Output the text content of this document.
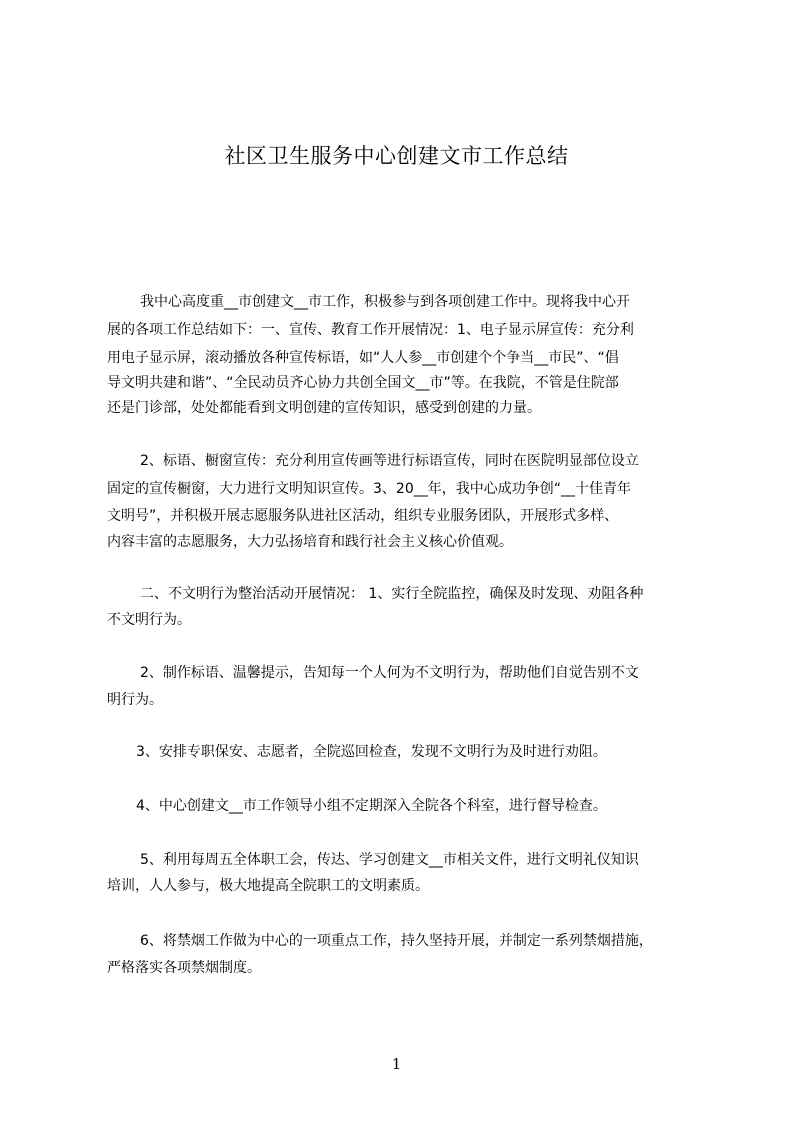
社区卫生服务中心创建文市工作总结
我中心高度重__市创建文__市工作，积极参与到各项创建工作中。现将我中心开
展的各项工作总结如下：一、宣传、教育工作开展情况：1、电子显示屏宣传：充分利
用电子显示屏，滚动播放各种宣传标语，如“人人参__市创建个个争当__市民”、“倡
导文明共建和谐”、“全民动员齐心协力共创全国文__市”等。在我院，不管是住院部
还是门诊部，处处都能看到文明创建的宣传知识，感受到创建的力量。
2、标语、橱窗宣传：充分利用宣传画等进行标语宣传，同时在医院明显部位设立
固定的宣传橱窗，大力进行文明知识宣传。3、20__年，我中心成功争创“__十佳青年
文明号”，并积极开展志愿服务队进社区活动，组织专业服务团队，开展形式多样、
内容丰富的志愿服务，大力弘扬培育和践行社会主义核心价值观。
二、不文明行为整治活动开展情况： 1、实行全院监控，确保及时发现、劝阻各种
不文明行为。
2、制作标语、温馨提示，告知每一个人何为不文明行为，帮助他们自觉告别不文
明行为。
3、安排专职保安、志愿者，全院巡回检查，发现不文明行为及时进行劝阻。
4、中心创建文__市工作领导小组不定期深入全院各个科室，进行督导检查。
5、利用每周五全体职工会，传达、学习创建文__市相关文件，进行文明礼仪知识
培训，人人参与，极大地提高全院职工的文明素质。
6、将禁烟工作做为中心的一项重点工作，持久坚持开展，并制定一系列禁烟措施，
严格落实各项禁烟制度。
1
